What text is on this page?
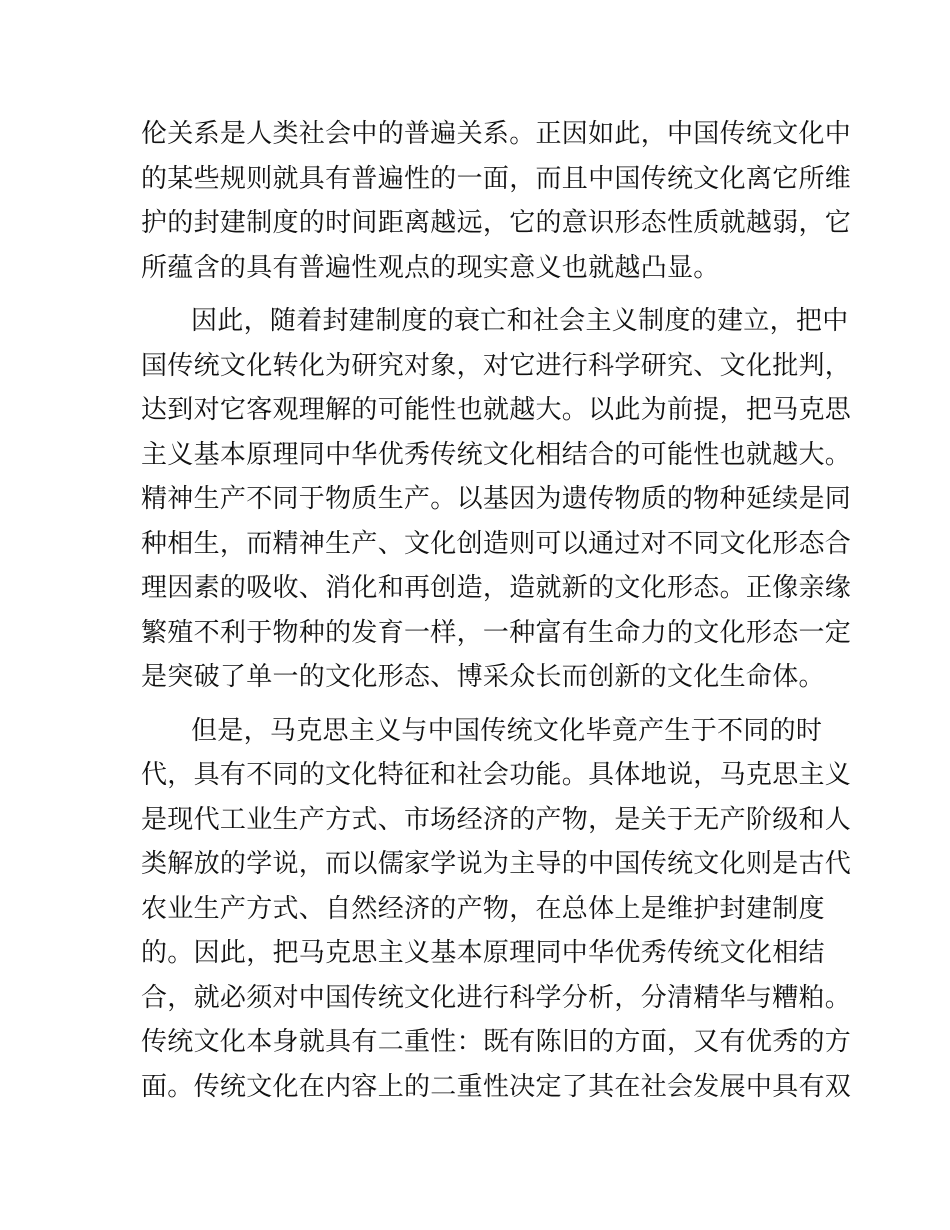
伦关系是人类社会中的普遍关系。正因如此，中国传统文化中
的某些规则就具有普遍性的一面，而且中国传统文化离它所维
护的封建制度的时间距离越远，它的意识形态性质就越弱，它
所蕴含的具有普遍性观点的现实意义也就越凸显。
因此，随着封建制度的衰亡和社会主义制度的建立，把中
国传统文化转化为研究对象，对它进行科学研究、文化批判，
达到对它客观理解的可能性也就越大。以此为前提，把马克思
主义基本原理同中华优秀传统文化相结合的可能性也就越大。
精神生产不同于物质生产。以基因为遗传物质的物种延续是同
种相生，而精神生产、文化创造则可以通过对不同文化形态合
理因素的吸收、消化和再创造，造就新的文化形态。正像亲缘
繁殖不利于物种的发育一样，一种富有生命力的文化形态一定
是突破了单一的文化形态、博采众长而创新的文化生命体。
但是，马克思主义与中国传统文化毕竟产生于不同的时
代，具有不同的文化特征和社会功能。具体地说，马克思主义
是现代工业生产方式、市场经济的产物，是关于无产阶级和人
类解放的学说，而以儒家学说为主导的中国传统文化则是古代
农业生产方式、自然经济的产物，在总体上是维护封建制度
的。因此，把马克思主义基本原理同中华优秀传统文化相结
合，就必须对中国传统文化进行科学分析，分清精华与糟粕。
传统文化本身就具有二重性：既有陈旧的方面，又有优秀的方
面。传统文化在内容上的二重性决定了其在社会发展中具有双
